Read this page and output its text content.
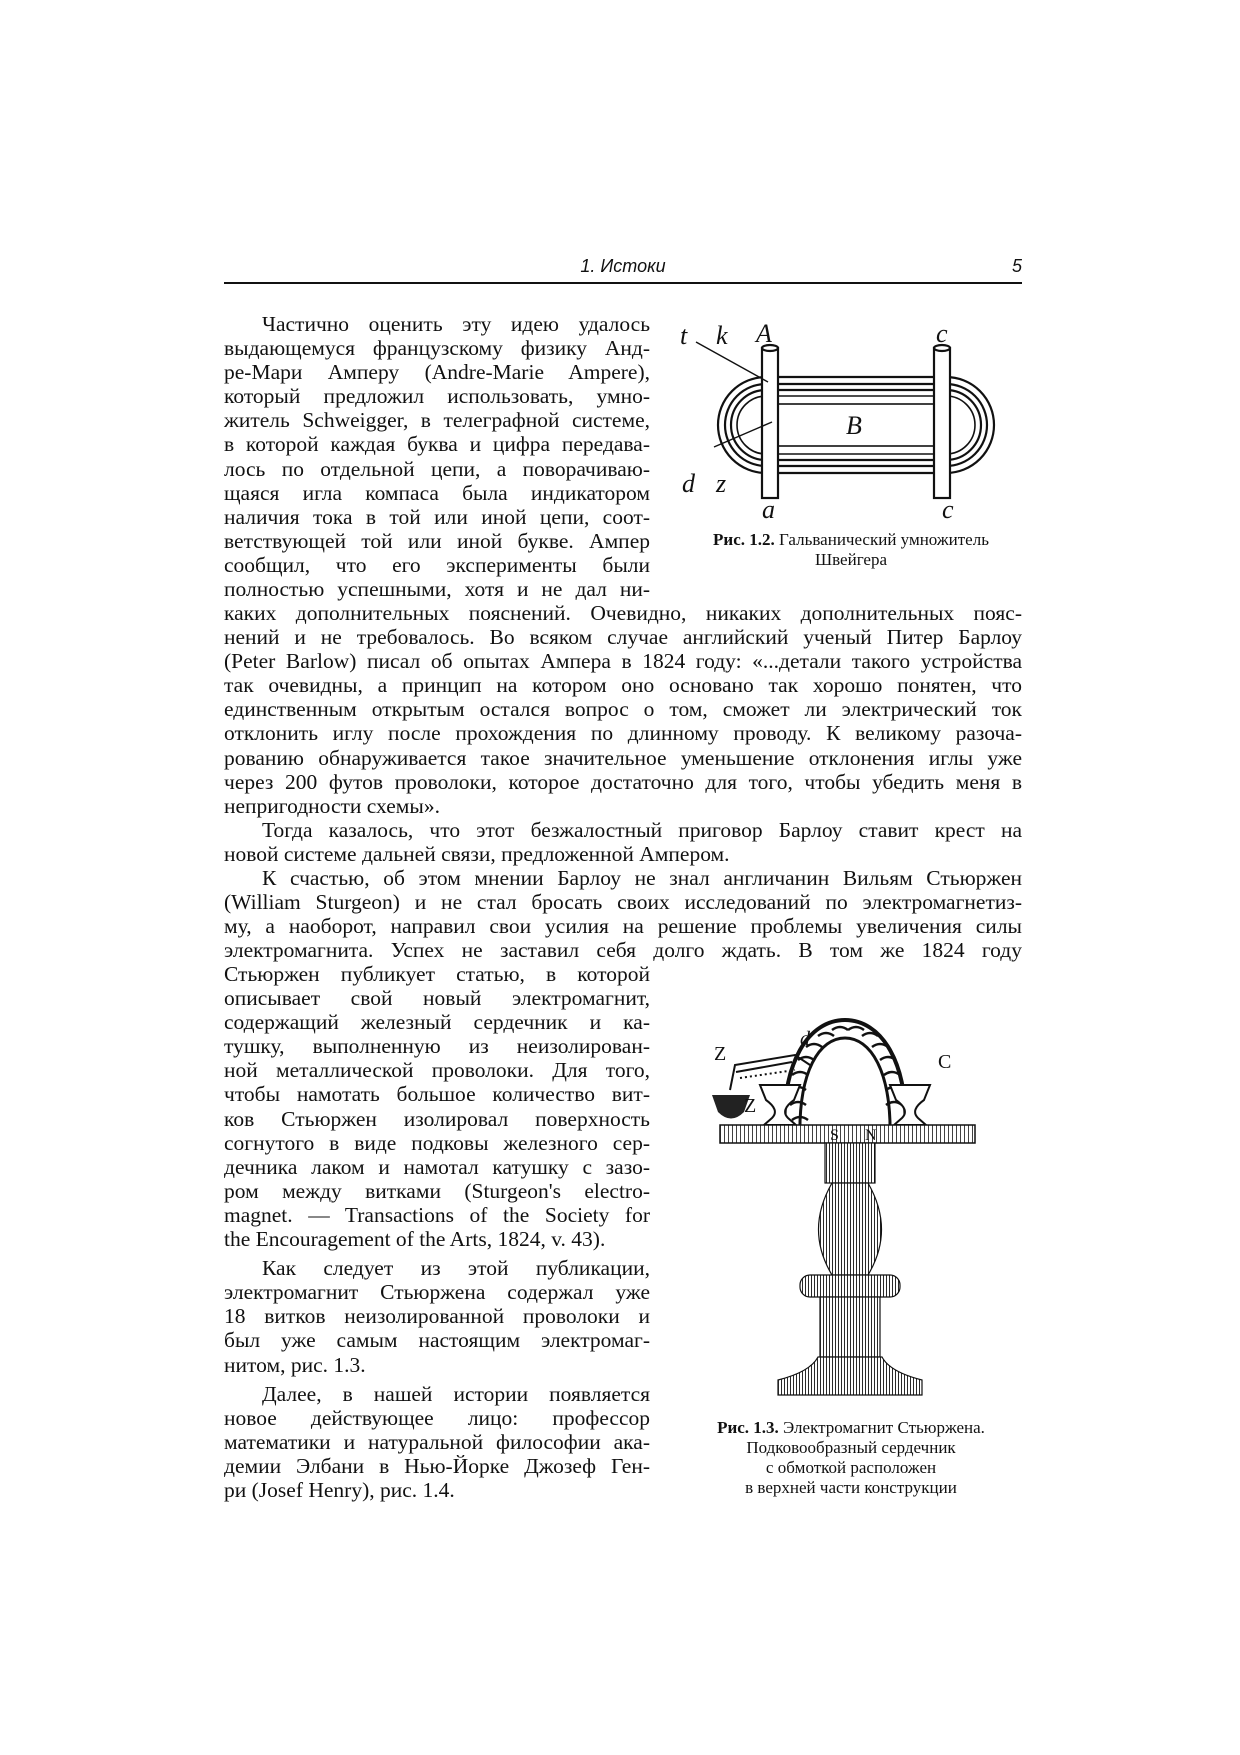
1. Истоки	5
Частично оценить эту идею удалось
выдающемуся французскому физику Анд-
ре-Мари Амперу (Andre-Marie Ampere),
который предложил использовать, умно-
житель Schweigger, в телеграфной системе,
в которой каждая буква и цифра передава-
лось по отдельной цепи, а поворачиваю-
щаяся игла компаса была индикатором
наличия тока в той или иной цепи, соот-
ветствующей той или иной букве. Ампер
сообщил, что его эксперименты были
полностью успешными, хотя и не дал ни-
t k A	c
B
d z
a	c
Рис. 1.2. Гальванический умножитель
Швейгера
каких дополнительных пояснений. Очевидно, никаких дополнительных пояс-
нений и не требовалось. Во всяком случае английский ученый Питер Барлоу
(Peter Barlow) писал об опытах Ампера в 1824 году: «...детали такого устройства
так очевидны, а принцип на котором оно основано так хорошо понятен, что
единственным открытым остался вопрос о том, сможет ли электрический ток
отклонить иглу после прохождения по длинному проводу. К великому разоча-
рованию обнаруживается такое значительное уменьшение отклонения иглы уже
через 200 футов проволоки, которое достаточно для того, чтобы убедить меня в
непригодности схемы».
Тогда казалось, что этот безжалостный приговор Барлоу ставит крест на
новой системе дальней связи, предложенной Ампером.
К счастью, об этом мнении Барлоу не знал англичанин Вильям Стьюржен
(William Sturgeon) и не стал бросать своих исследований по электромагнетиз-
му, а наоборот, направил свои усилия на решение проблемы увеличения силы
электромагнита. Успех не заставил себя долго ждать. В том же 1824 году
Стьюржен публикует статью, в которой
описывает свой новый электромагнит,
содержащий железный сердечник и ка-
тушку, выполненную из неизолирован-
ной металлической проволоки. Для того,
чтобы намотать большое количество вит-
ков Стьюржен изолировал поверхность
согнутого в виде подковы железного сер-
дечника лаком и намотал катушку с зазо-
ром между витками (Sturgeon's electro-
magnet. — Transactions of the Society for
the Encouragement of the Arts, 1824, v. 43).
Как следует из этой публикации,
электромагнит Стьюржена содержал уже
18 витков неизолированной проволоки и
был уже самым настоящим электромаг-
нитом, рис. 1.3.
Далее, в нашей истории появляется
новое действующее лицо: профессор
математики и натуральной философии ака-
демии Элбани в Нью-Йорке Джозеф Ген-
ри (Josef Henry), рис. 1.4.
Z
d
Z
C
S N
Рис. 1.3. Электромагнит Стьюржена.
Подковообразный сердечник
с обмоткой расположен
в верхней части конструкции
